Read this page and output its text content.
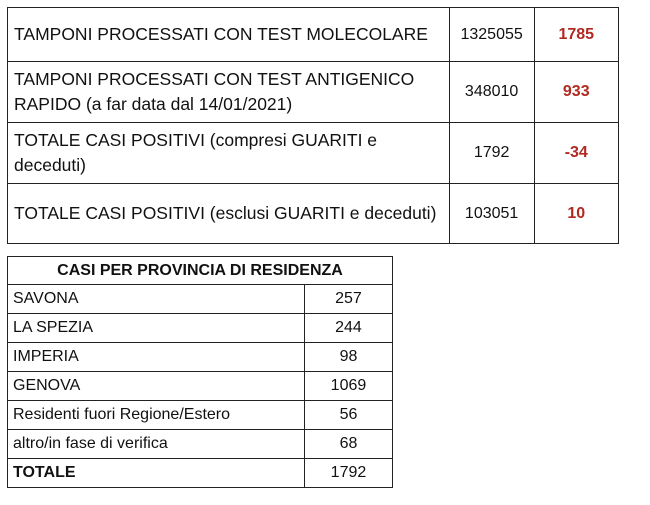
TAMPONI PROCESSATI CON TEST MOLECOLARE	1325055	1785
TAMPONI PROCESSATI CON TEST ANTIGENICO RAPIDO (a far data dal 14/01/2021)	348010	933
TOTALE CASI POSITIVI (compresi GUARITI e deceduti)	1792	-34
TOTALE CASI POSITIVI (esclusi GUARITI e deceduti)	103051	10
CASI PER PROVINCIA DI RESIDENZA	
SAVONA	257
LA SPEZIA	244
IMPERIA	98
GENOVA	1069
Residenti fuori Regione/Estero	56
altro/in fase di verifica	68
TOTALE	1792
